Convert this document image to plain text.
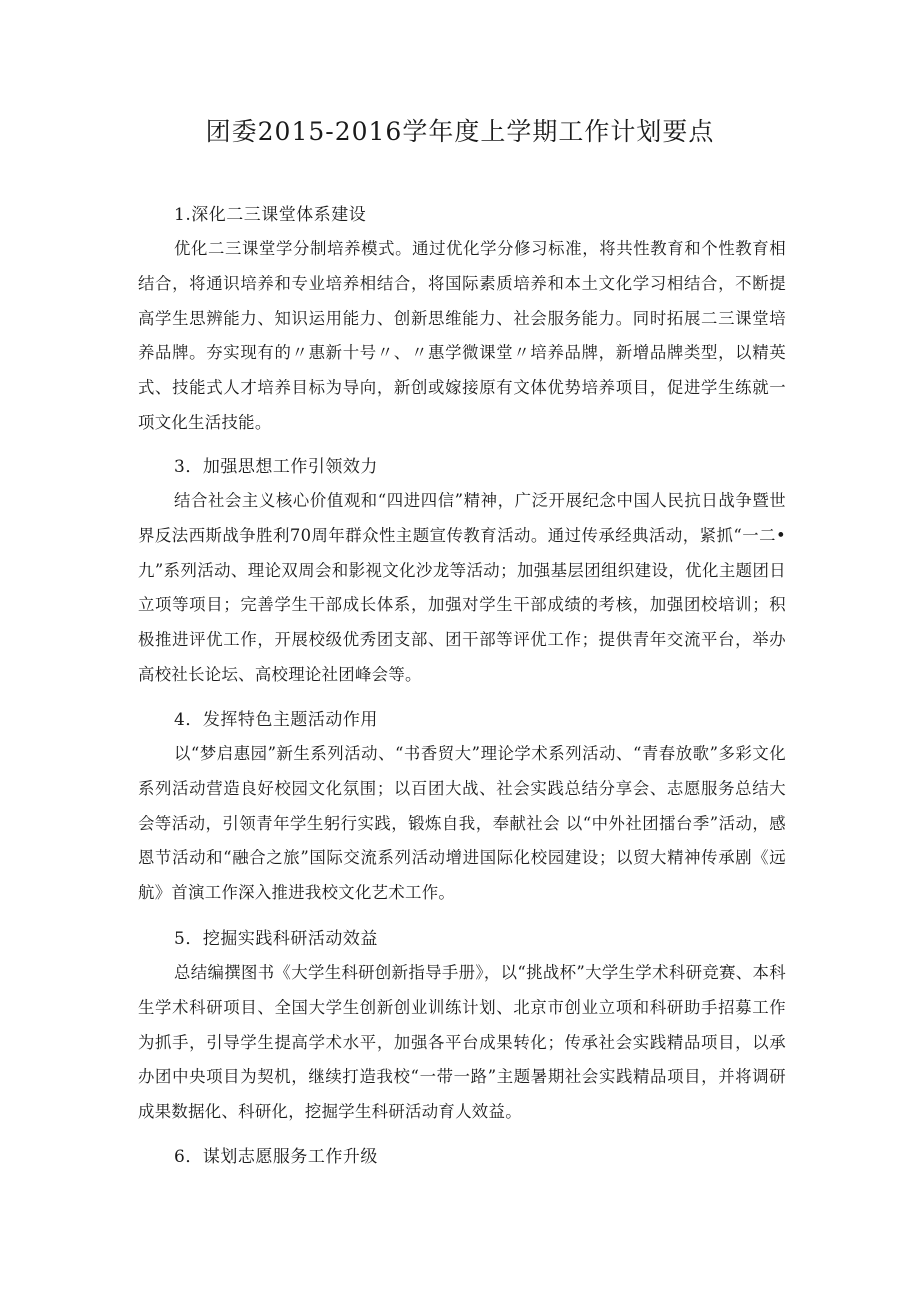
团委2015-2016学年度上学期工作计划要点

1.深化二三课堂体系建设

优化二三课堂学分制培养模式。通过优化学分修习标准，将共性教育和个性教育相结合，将通识培养和专业培养相结合，将国际素质培养和本土文化学习相结合，不断提高学生思辨能力、知识运用能力、创新思维能力、社会服务能力。同时拓展二三课堂培养品牌。夯实现有的〃惠新十号〃、〃惠学微课堂〃培养品牌，新增品牌类型，以精英式、技能式人才培养目标为导向，新创或嫁接原有文体优势培养项目，促进学生练就一项文化生活技能。

3．加强思想工作引领效力

结合社会主义核心价值观和“四进四信”精神，广泛开展纪念中国人民抗日战争暨世界反法西斯战争胜利70周年群众性主题宣传教育活动。通过传承经典活动，紧抓“一二•九”系列活动、理论双周会和影视文化沙龙等活动；加强基层团组织建设，优化主题团日立项等项目；完善学生干部成长体系，加强对学生干部成绩的考核，加强团校培训；积极推进评优工作，开展校级优秀团支部、团干部等评优工作；提供青年交流平台，举办高校社长论坛、高校理论社团峰会等。

4．发挥特色主题活动作用

以“梦启惠园”新生系列活动、“书香贸大”理论学术系列活动、“青春放歌”多彩文化系列活动营造良好校园文化氛围；以百团大战、社会实践总结分享会、志愿服务总结大会等活动，引领青年学生躬行实践，锻炼自我，奉献社会 以“中外社团擂台季”活动，感恩节活动和“融合之旅”国际交流系列活动增进国际化校园建设；以贸大精神传承剧《远航》首演工作深入推进我校文化艺术工作。

5．挖掘实践科研活动效益

总结编撰图书《大学生科研创新指导手册》，以“挑战杯”大学生学术科研竞赛、本科生学术科研项目、全国大学生创新创业训练计划、北京市创业立项和科研助手招募工作为抓手，引导学生提高学术水平，加强各平台成果转化；传承社会实践精品项目，以承办团中央项目为契机，继续打造我校“一带一路”主题暑期社会实践精品项目，并将调研成果数据化、科研化，挖掘学生科研活动育人效益。

6．谋划志愿服务工作升级
